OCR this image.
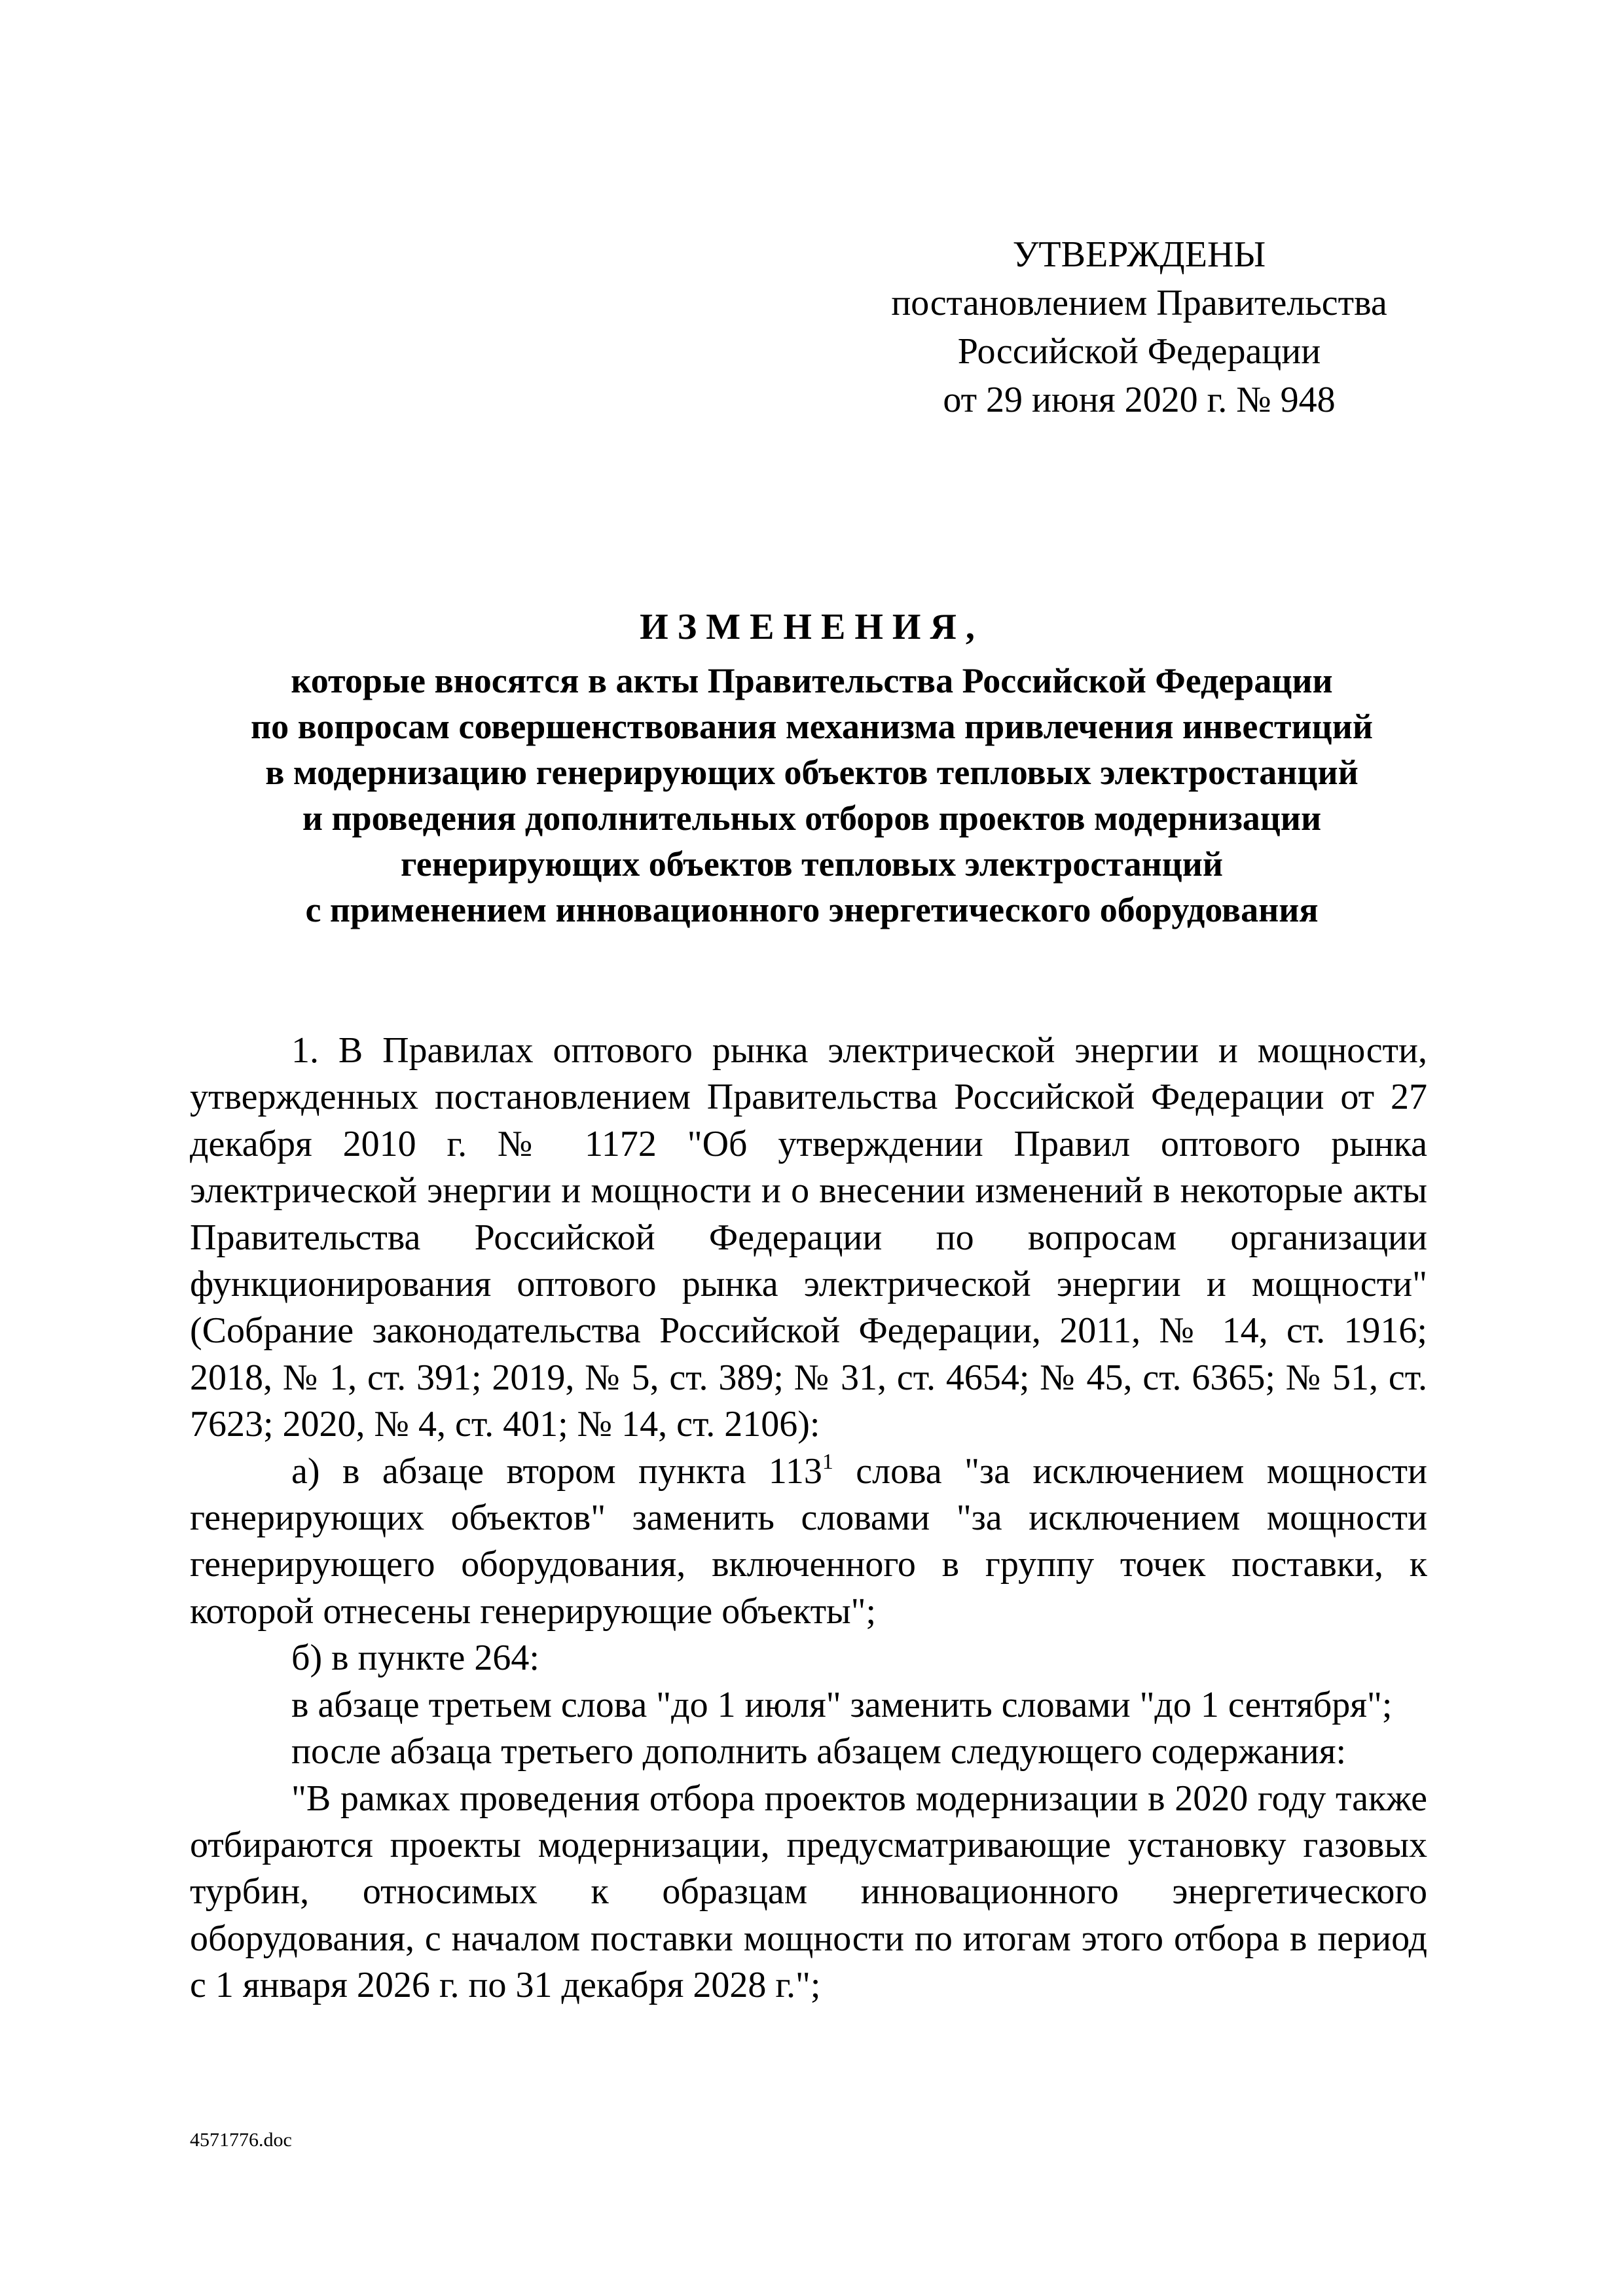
УТВЕРЖДЕНЫ
постановлением Правительства
Российской Федерации
от 29 июня 2020 г. № 948
ИЗМЕНЕНИЯ,
которые вносятся в акты Правительства Российской Федерации
по вопросам совершенствования механизма привлечения инвестиций
в модернизацию генерирующих объектов тепловых электростанций
и проведения дополнительных отборов проектов модернизации
генерирующих объектов тепловых электростанций
с применением инновационного энергетического оборудования

1. В Правилах оптового рынка электрической энергии и мощности, утвержденных постановлением Правительства Российской Федерации от 27 декабря 2010 г. № 1172 "Об утверждении Правил оптового рынка электрической энергии и мощности и о внесении изменений в некоторые акты Правительства Российской Федерации по вопросам организации функционирования оптового рынка электрической энергии и мощности" (Собрание законодательства Российской Федерации, 2011, № 14, ст. 1916; 2018, № 1, ст. 391; 2019, № 5, ст. 389; № 31, ст. 4654; № 45, ст. 6365; № 51, ст. 7623; 2020, № 4, ст. 401; № 14, ст. 2106):

а) в абзаце втором пункта $113^1$ слова "за исключением мощности генерирующих объектов" заменить словами "за исключением мощности генерирующего оборудования, включенного в группу точек поставки, к которой отнесены генерирующие объекты";

б) в пункте 264:

в абзаце третьем слова "до 1 июля" заменить словами "до 1 сентября";

после абзаца третьего дополнить абзацем следующего содержания:

"В рамках проведения отбора проектов модернизации в 2020 году также отбираются проекты модернизации, предусматривающие установку газовых турбин, относимых к образцам инновационного энергетического оборудования, с началом поставки мощности по итогам этого отбора в период с 1 января 2026 г. по 31 декабря 2028 г.";

4571776.doc
